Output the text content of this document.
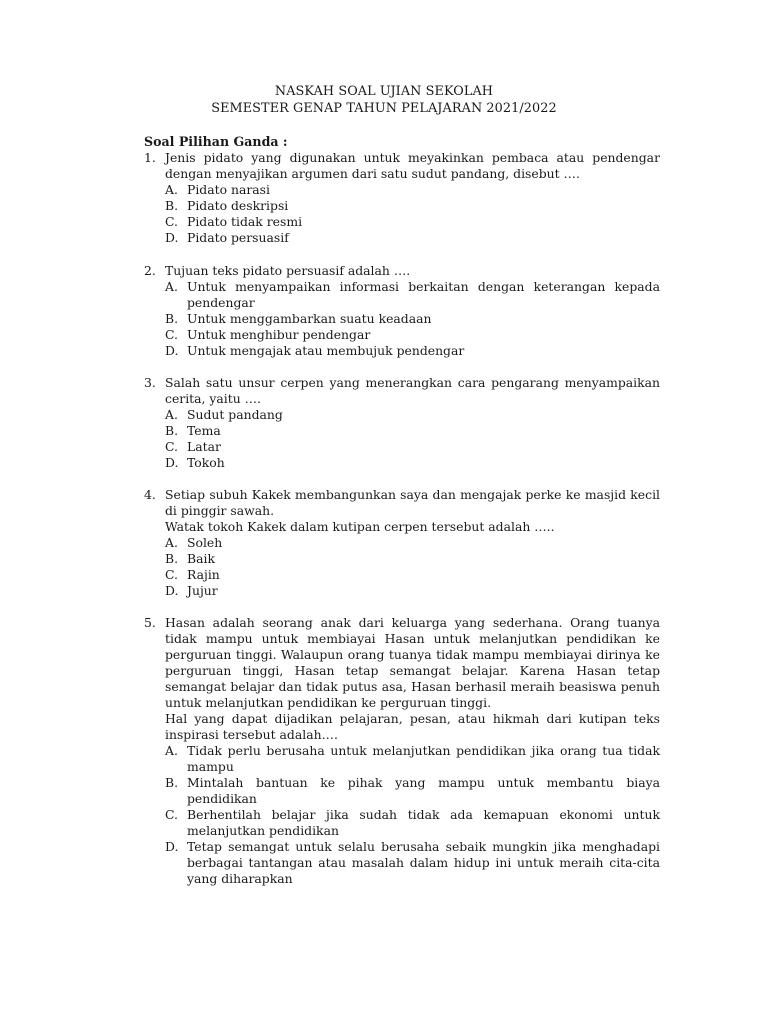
NASKAH SOAL UJIAN SEKOLAH
SEMESTER GENAP TAHUN PELAJARAN 2021/2022
Soal Pilihan Ganda :
1. Jenis pidato yang digunakan untuk meyakinkan pembaca atau pendengar dengan menyajikan argumen dari satu sudut pandang, disebut ….
A. Pidato narasi
B. Pidato deskripsi
C. Pidato tidak resmi
D. Pidato persuasif
2. Tujuan teks pidato persuasif adalah ….
A. Untuk menyampaikan informasi berkaitan dengan keterangan kepada pendengar
B. Untuk menggambarkan suatu keadaan
C. Untuk menghibur pendengar
D. Untuk mengajak atau membujuk pendengar
3. Salah satu unsur cerpen yang menerangkan cara pengarang menyampaikan cerita, yaitu ….
A. Sudut pandang
B. Tema
C. Latar
D. Tokoh
4. Setiap subuh Kakek membangunkan saya dan mengajak perke ke masjid kecil di pinggir sawah.
Watak tokoh Kakek dalam kutipan cerpen tersebut adalah …..
A. Soleh
B. Baik
C. Rajin
D. Jujur
5. Hasan adalah seorang anak dari keluarga yang sederhana. Orang tuanya tidak mampu untuk membiayai Hasan untuk melanjutkan pendidikan ke perguruan tinggi. Walaupun orang tuanya tidak mampu membiayai dirinya ke perguruan tinggi, Hasan tetap semangat belajar. Karena Hasan tetap semangat belajar dan tidak putus asa, Hasan berhasil meraih beasiswa penuh untuk melanjutkan pendidikan ke perguruan tinggi.
Hal yang dapat dijadikan pelajaran, pesan, atau hikmah dari kutipan teks inspirasi tersebut adalah….
A. Tidak perlu berusaha untuk melanjutkan pendidikan jika orang tua tidak mampu
B. Mintalah bantuan ke pihak yang mampu untuk membantu biaya pendidikan
C. Berhentilah belajar jika sudah tidak ada kemapuan ekonomi untuk melanjutkan pendidikan
D. Tetap semangat untuk selalu berusaha sebaik mungkin jika menghadapi berbagai tantangan atau masalah dalam hidup ini untuk meraih cita-cita yang diharapkan
